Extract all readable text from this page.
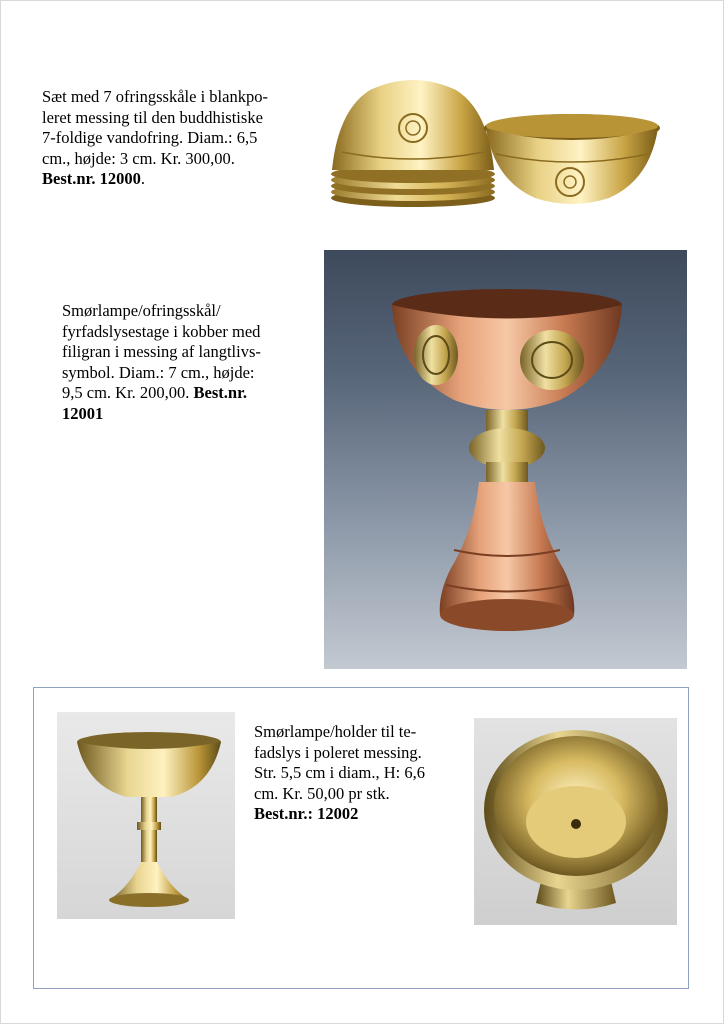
Sæt med 7 ofringsskåle i blankpo-

leret messing til den buddhistiske

7-foldige vandofring. Diam.: 6,5

cm., højde: 3 cm. Kr. 300,00.

Best.nr. 12000.

Smørlampe/ofringsskål/

fyrfadslysestage i kobber med

filigran i messing af langtlivs-

symbol. Diam.: 7 cm., højde:

9,5 cm. Kr. 200,00. Best.nr.

12001

Smørlampe/holder til te-

fadslys i poleret messing.

Str. 5,5 cm i diam., H: 6,6

cm. Kr. 50,00 pr stk.

Best.nr.: 12002
